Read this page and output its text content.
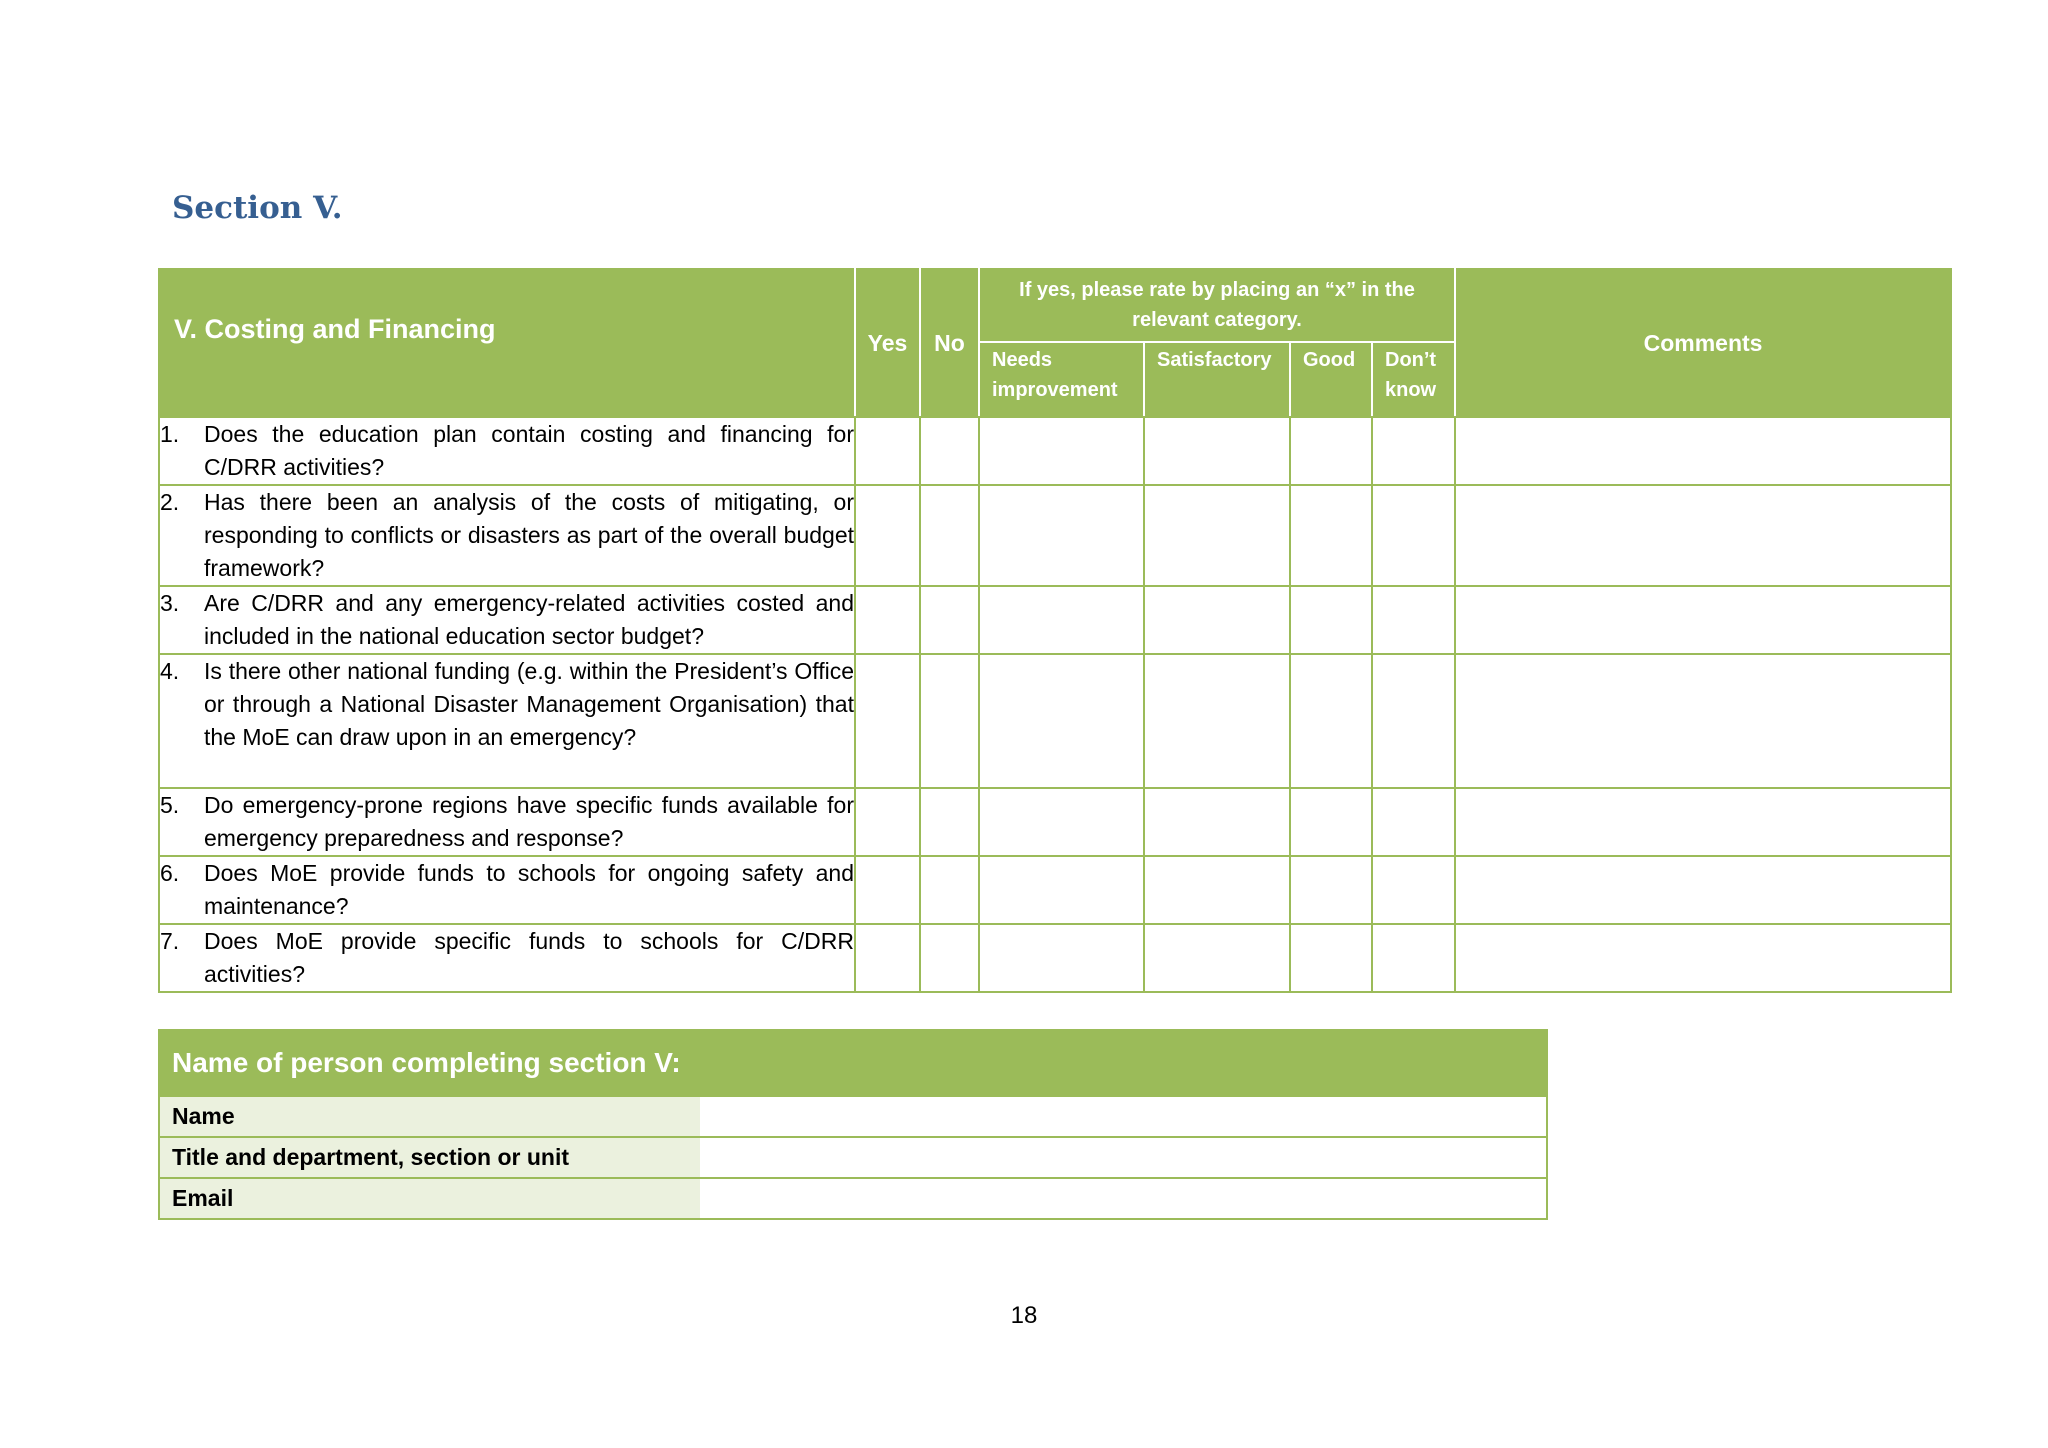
Section V.
V. Costing and Financing	Yes	No	If yes, please rate by placing an “x” in the relevant category.				Comments
			Needs improvement	Satisfactory	Good	Don’t know	

1. Does the education plan contain costing and financing for C/DRR activities?							

2. Has there been an analysis of the costs of mitigating, or responding to conflicts or disasters as part of the overall budget framework?							

3. Are C/DRR and any emergency-related activities costed and included in the national education sector budget?							

4. Is there other national funding (e.g. within the President’s Office or through a National Disaster Management Organisation) that the MoE can draw upon in an emergency?							

5. Do emergency-prone regions have specific funds available for emergency preparedness and response?							

6. Does MoE provide funds to schools for ongoing safety and maintenance?							

7. Does MoE provide specific funds to schools for C/DRR activities?							

Name of person completing section V:	
Name	
Title and department, section or unit	
Email	
18
